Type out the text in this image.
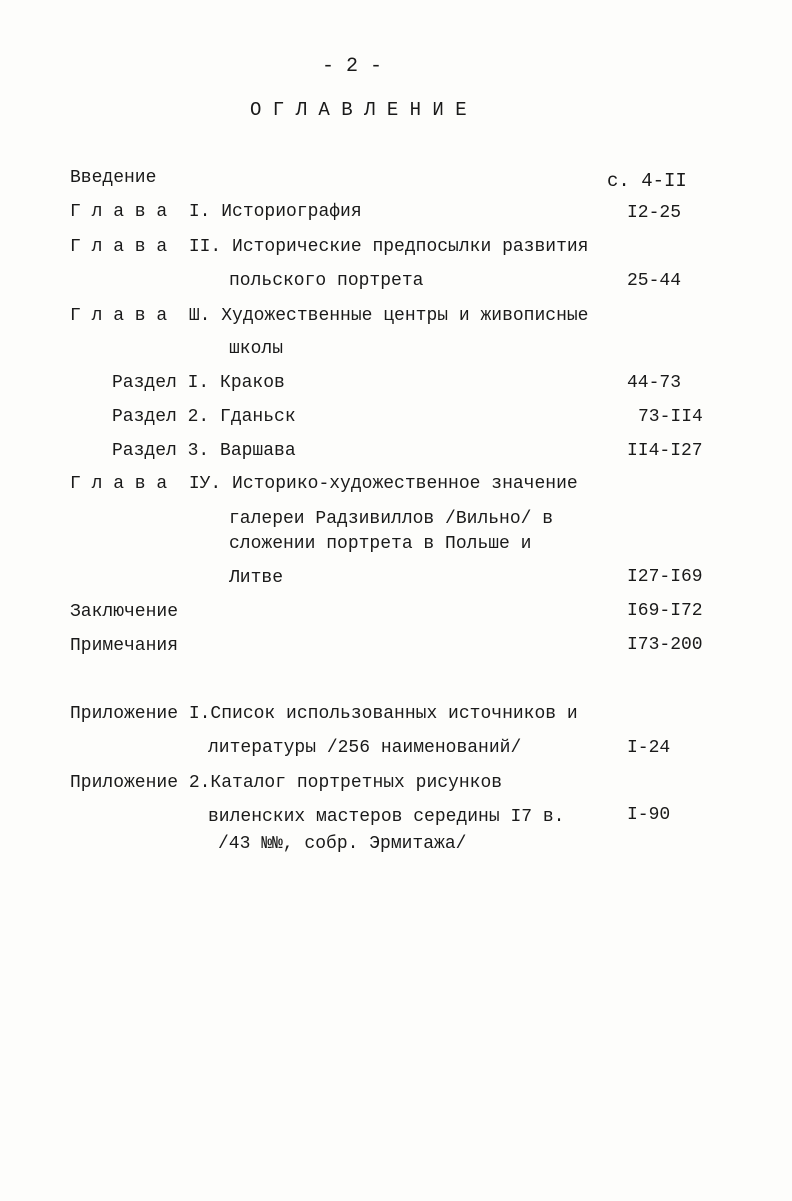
- 2 -
О Г Л А В Л Е Н И Е
Введение	с. 4-II
Г л а в а  I. Историография	I2-25
Г л а в а  II. Исторические предпосылки развития
польского портрета	25-44
Г л а в а  Ш. Художественные центры и живописные
школы
Раздел I. Краков	44-73
Раздел 2. Гданьск	73-II4
Раздел 3. Варшава	II4-I27
Г л а в а  IУ. Историко-художественное значение
галереи Радзивиллов /Вильно/ в
сложении портрета в Польше и
Литве	I27-I69
Заключение	I69-I72
Примечания	I73-200
Приложение I.Список использованных источников и
литературы /256 наименований/	I-24
Приложение 2.Каталог портретных рисунков
виленских мастеров середины I7 в.	I-90
/43 №№, собр. Эрмитажа/
